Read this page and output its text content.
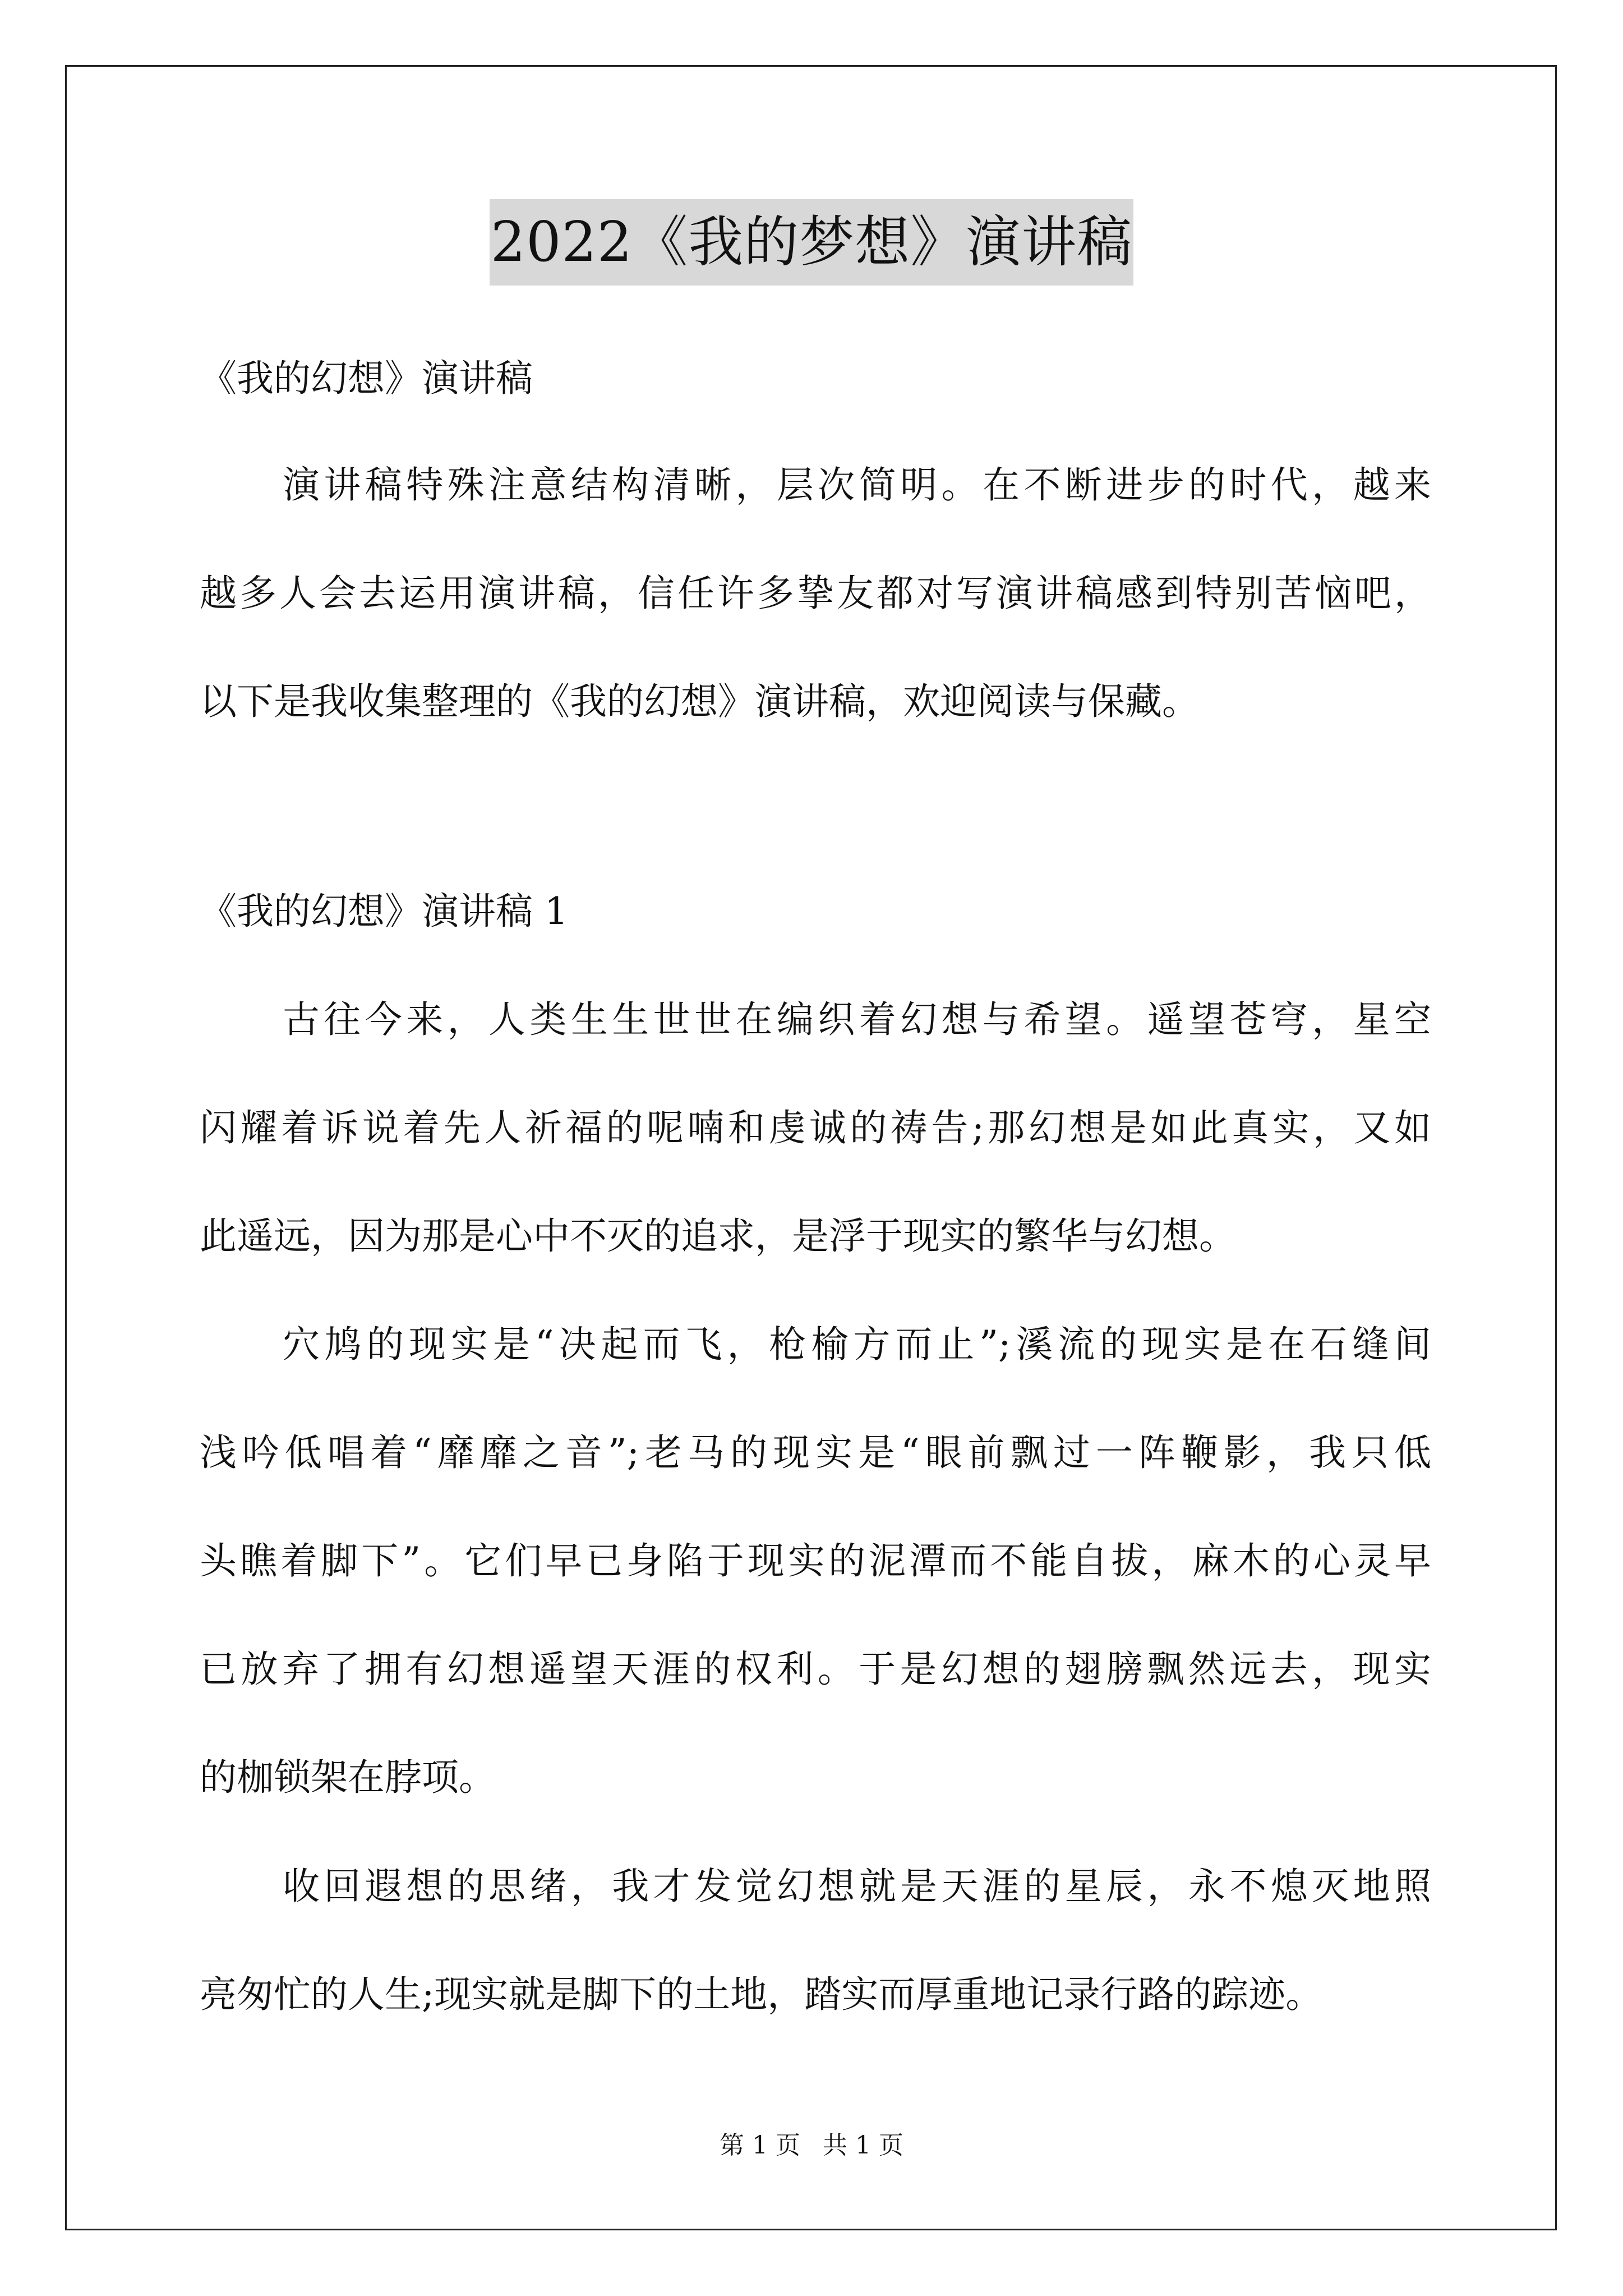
2022《我的梦想》演讲稿
《我的幻想》演讲稿
演讲稿特殊注意结构清晰，层次简明。在不断进步的时代，越来
越多人会去运用演讲稿，信任许多挚友都对写演讲稿感到特别苦恼吧，
以下是我收集整理的《我的幻想》演讲稿，欢迎阅读与保藏。
《我的幻想》演讲稿 1
古往今来，人类生生世世在编织着幻想与希望。遥望苍穹，星空
闪耀着诉说着先人祈福的呢喃和虔诚的祷告;那幻想是如此真实，又如
此遥远，因为那是心中不灭的追求，是浮于现实的繁华与幻想。
穴鸠的现实是“决起而飞，枪榆方而止”;溪流的现实是在石缝间
浅吟低唱着“靡靡之音”;老马的现实是“眼前飘过一阵鞭影，我只低
头瞧着脚下”。它们早已身陷于现实的泥潭而不能自拔，麻木的心灵早
已放弃了拥有幻想遥望天涯的权利。于是幻想的翅膀飘然远去，现实
的枷锁架在脖项。
收回遐想的思绪，我才发觉幻想就是天涯的星辰，永不熄灭地照
亮匆忙的人生;现实就是脚下的土地，踏实而厚重地记录行路的踪迹。
第 1 页 共 1 页
